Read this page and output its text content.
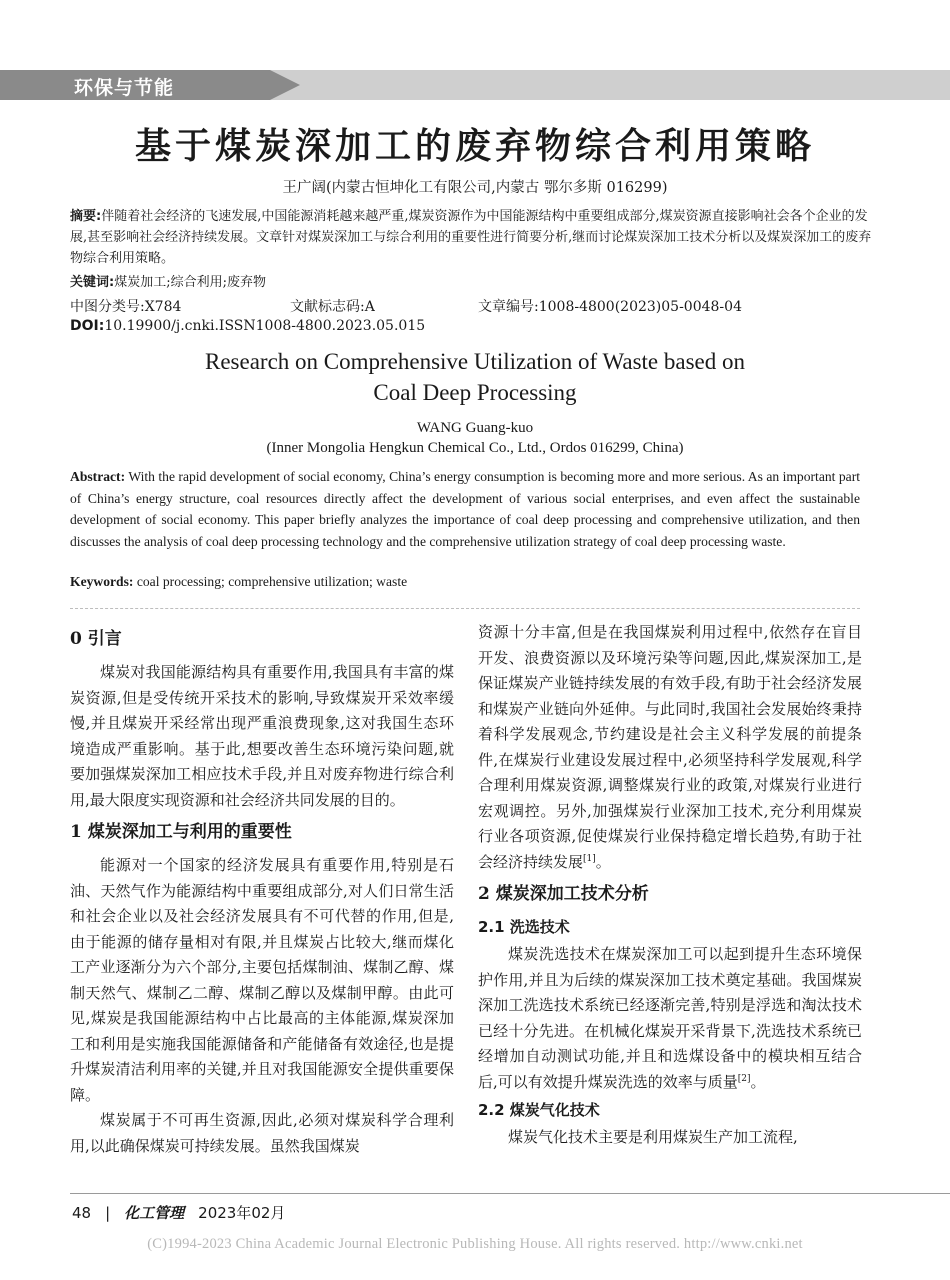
环保与节能
基于煤炭深加工的废弃物综合利用策略
王广阔(内蒙古恒坤化工有限公司,内蒙古 鄂尔多斯 016299)
摘要:伴随着社会经济的飞速发展,中国能源消耗越来越严重,煤炭资源作为中国能源结构中重要组成部分,煤炭资源直接影响社会各个企业的发展,甚至影响社会经济持续发展。文章针对煤炭深加工与综合利用的重要性进行简要分析,继而讨论煤炭深加工技术分析以及煤炭深加工的废弃物综合利用策略。
关键词:煤炭加工;综合利用;废弃物
中图分类号:X784	文献标志码:A	文章编号:1008-4800(2023)05-0048-04
DOI:10.19900/j.cnki.ISSN1008-4800.2023.05.015
Research on Comprehensive Utilization of Waste based on
Coal Deep Processing
WANG Guang-kuo
(Inner Mongolia Hengkun Chemical Co., Ltd., Ordos 016299, China)
Abstract: With the rapid development of social economy, China’s energy consumption is becoming more and more serious. As an important part of China’s energy structure, coal resources directly affect the development of various social enterprises, and even affect the sustainable development of social economy. This paper briefly analyzes the importance of coal deep processing and comprehensive utilization, and then discusses the analysis of coal deep processing technology and the comprehensive utilization strategy of coal deep processing waste.
Keywords: coal processing; comprehensive utilization; waste
0 引言

煤炭对我国能源结构具有重要作用,我国具有丰富的煤炭资源,但是受传统开采技术的影响,导致煤炭开采效率缓慢,并且煤炭开采经常出现严重浪费现象,这对我国生态环境造成严重影响。基于此,想要改善生态环境污染问题,就要加强煤炭深加工相应技术手段,并且对废弃物进行综合利用,最大限度实现资源和社会经济共同发展的目的。

1 煤炭深加工与利用的重要性

能源对一个国家的经济发展具有重要作用,特别是石油、天然气作为能源结构中重要组成部分,对人们日常生活和社会企业以及社会经济发展具有不可代替的作用,但是,由于能源的储存量相对有限,并且煤炭占比较大,继而煤化工产业逐渐分为六个部分,主要包括煤制油、煤制乙醇、煤制天然气、煤制乙二醇、煤制乙醇以及煤制甲醇。由此可见,煤炭是我国能源结构中占比最高的主体能源,煤炭深加工和利用是实施我国能源储备和产能储备有效途径,也是提升煤炭清洁利用率的关键,并且对我国能源安全提供重要保障。

煤炭属于不可再生资源,因此,必须对煤炭科学合理利用,以此确保煤炭可持续发展。虽然我国煤炭

资源十分丰富,但是在我国煤炭利用过程中,依然存在盲目开发、浪费资源以及环境污染等问题,因此,煤炭深加工,是保证煤炭产业链持续发展的有效手段,有助于社会经济发展和煤炭产业链向外延伸。与此同时,我国社会发展始终秉持着科学发展观念,节约建设是社会主义科学发展的前提条件,在煤炭行业建设发展过程中,必须坚持科学发展观,科学合理利用煤炭资源,调整煤炭行业的政策,对煤炭行业进行宏观调控。另外,加强煤炭行业深加工技术,充分利用煤炭行业各项资源,促使煤炭行业保持稳定增长趋势,有助于社会经济持续发展[1]。

2 煤炭深加工技术分析
2.1 洗选技术

煤炭洗选技术在煤炭深加工可以起到提升生态环境保护作用,并且为后续的煤炭深加工技术奠定基础。我国煤炭深加工洗选技术系统已经逐渐完善,特别是浮选和淘汰技术已经十分先进。在机械化煤炭开采背景下,洗选技术系统已经增加自动测试功能,并且和选煤设备中的模块相互结合后,可以有效提升煤炭洗选的效率与质量[2]。

2.2 煤炭气化技术

煤炭气化技术主要是利用煤炭生产加工流程,

48 | 化工管理 2023年02月
(C)1994-2023 China Academic Journal Electronic Publishing House. All rights reserved. http://www.cnki.net
